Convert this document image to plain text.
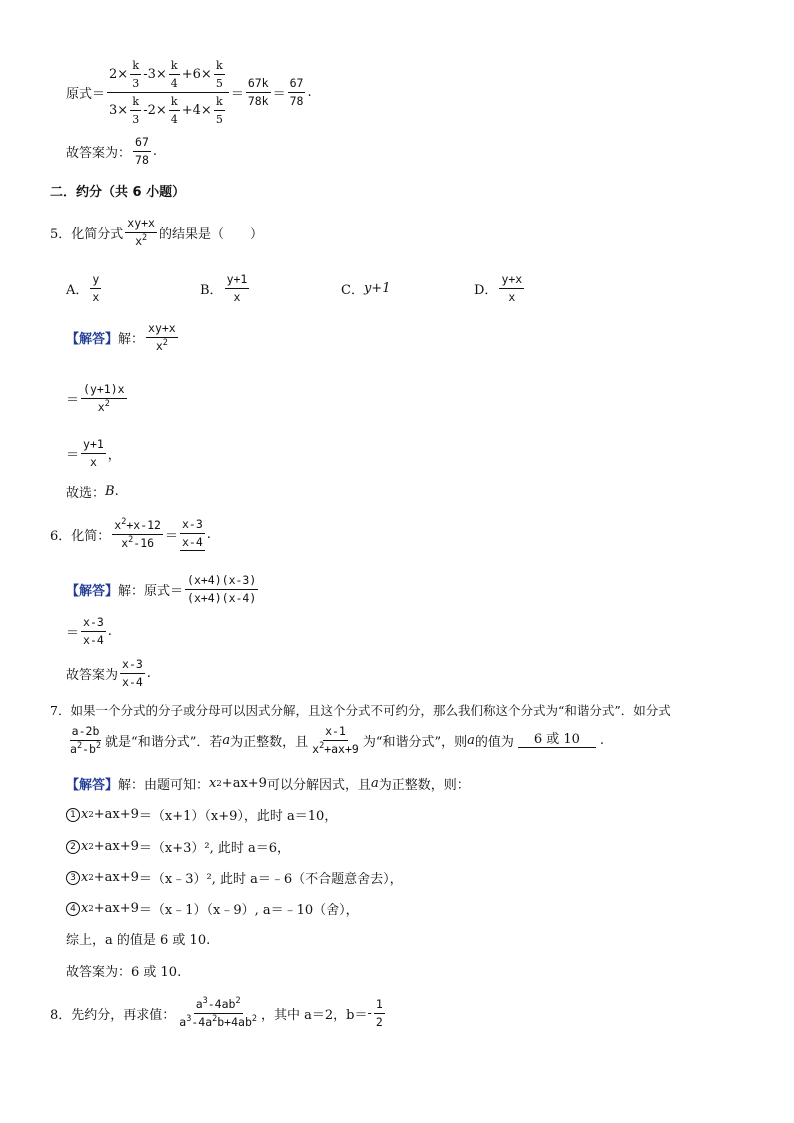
原式＝ $\frac{2\times \frac{k}{3} -3\times \frac{k}{4} +6\times \frac{k}{5}}{3\times \frac{k}{3} -2\times \frac{k}{4} +4\times \frac{k}{5}} = \frac{67k}{78k} = \frac{67}{78}$ .
故答案为： $\frac{67}{78}$ .
二．约分（共 6 小题）
5．化简分式 $\frac{xy+x}{x^2}$ 的结果是（　　）
A． $\frac{y}{x}$	B． $\frac{y+1}{x}$	C． y+1	D． $\frac{y+x}{x}$
【解答】 解： $\frac{xy+x}{x^2}$
＝ $\frac{(y+1)x}{x^2}$
＝ $\frac{y+1}{x}$ ，
故选： B .
6．化简： $\frac{x^2+x-12}{x^2-16} = \frac{x-3}{x-4}$ .
【解答】 解：原式＝ $\frac{(x+4)(x-3)}{(x+4)(x-4)}$
＝ $\frac{x-3}{x-4}$ .
故答案为 $\frac{x-3}{x-4}$ .
7．如果一个分式的分子或分母可以因式分解，且这个分式不可约分，那么我们称这个分式为“和谐分式”．如分式
$\frac{a-2b}{a^2-b^2}$ 就是“和谐分式”．若 a 为正整数，且 $\frac{x-1}{x^2+ax+9}$ 为“和谐分式”，则 a 的值为	6 或 10	.
【解答】 解：由题可知： x 2 +ax+9 可以分解因式，且 a 为正整数，则：
1 x 2 +ax+9 ＝（x+1）（x+9），此时 a＝10，
2 x 2 +ax+9 ＝（x+3）², 此时 a＝6，
3 x 2 +ax+9 ＝（x﹣3）², 此时 a＝﹣6（不合题意舍去），
4 x 2 +ax+9 ＝（x﹣1）（x﹣9）, a＝﹣10（舍），
综上，a 的值是 6 或 10.
故答案为：6 或 10.
8．先约分，再求值： $\frac{a^3-4ab^2}{a^3-4a^2b+4ab^2}$ ，其中 a＝2，$b= - \frac{1}{2}$
